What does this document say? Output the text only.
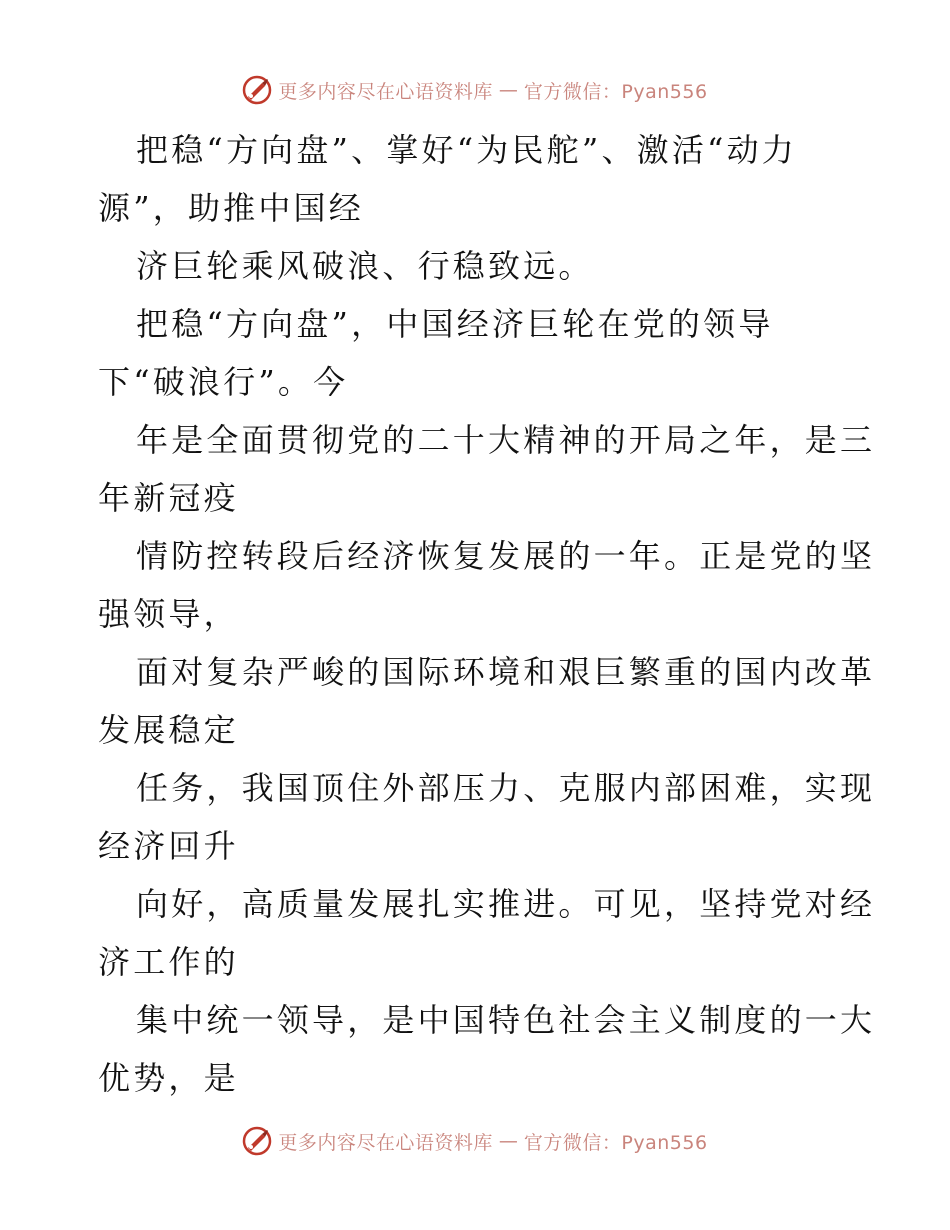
更多内容尽在心语资料库 — 官方微信：Pyan556
把稳“方向盘”、掌好“为民舵”、激活“动力
源”，助推中国经
济巨轮乘风破浪、行稳致远。
把稳“方向盘”，中国经济巨轮在党的领导
下“破浪行”。今
年是全面贯彻党的二十大精神的开局之年，是三
年新冠疫
情防控转段后经济恢复发展的一年。正是党的坚
强领导，
面对复杂严峻的国际环境和艰巨繁重的国内改革
发展稳定
任务，我国顶住外部压力、克服内部困难，实现
经济回升
向好，高质量发展扎实推进。可见，坚持党对经
济工作的
集中统一领导，是中国特色社会主义制度的一大
优势，是
更多内容尽在心语资料库 — 官方微信：Pyan556
